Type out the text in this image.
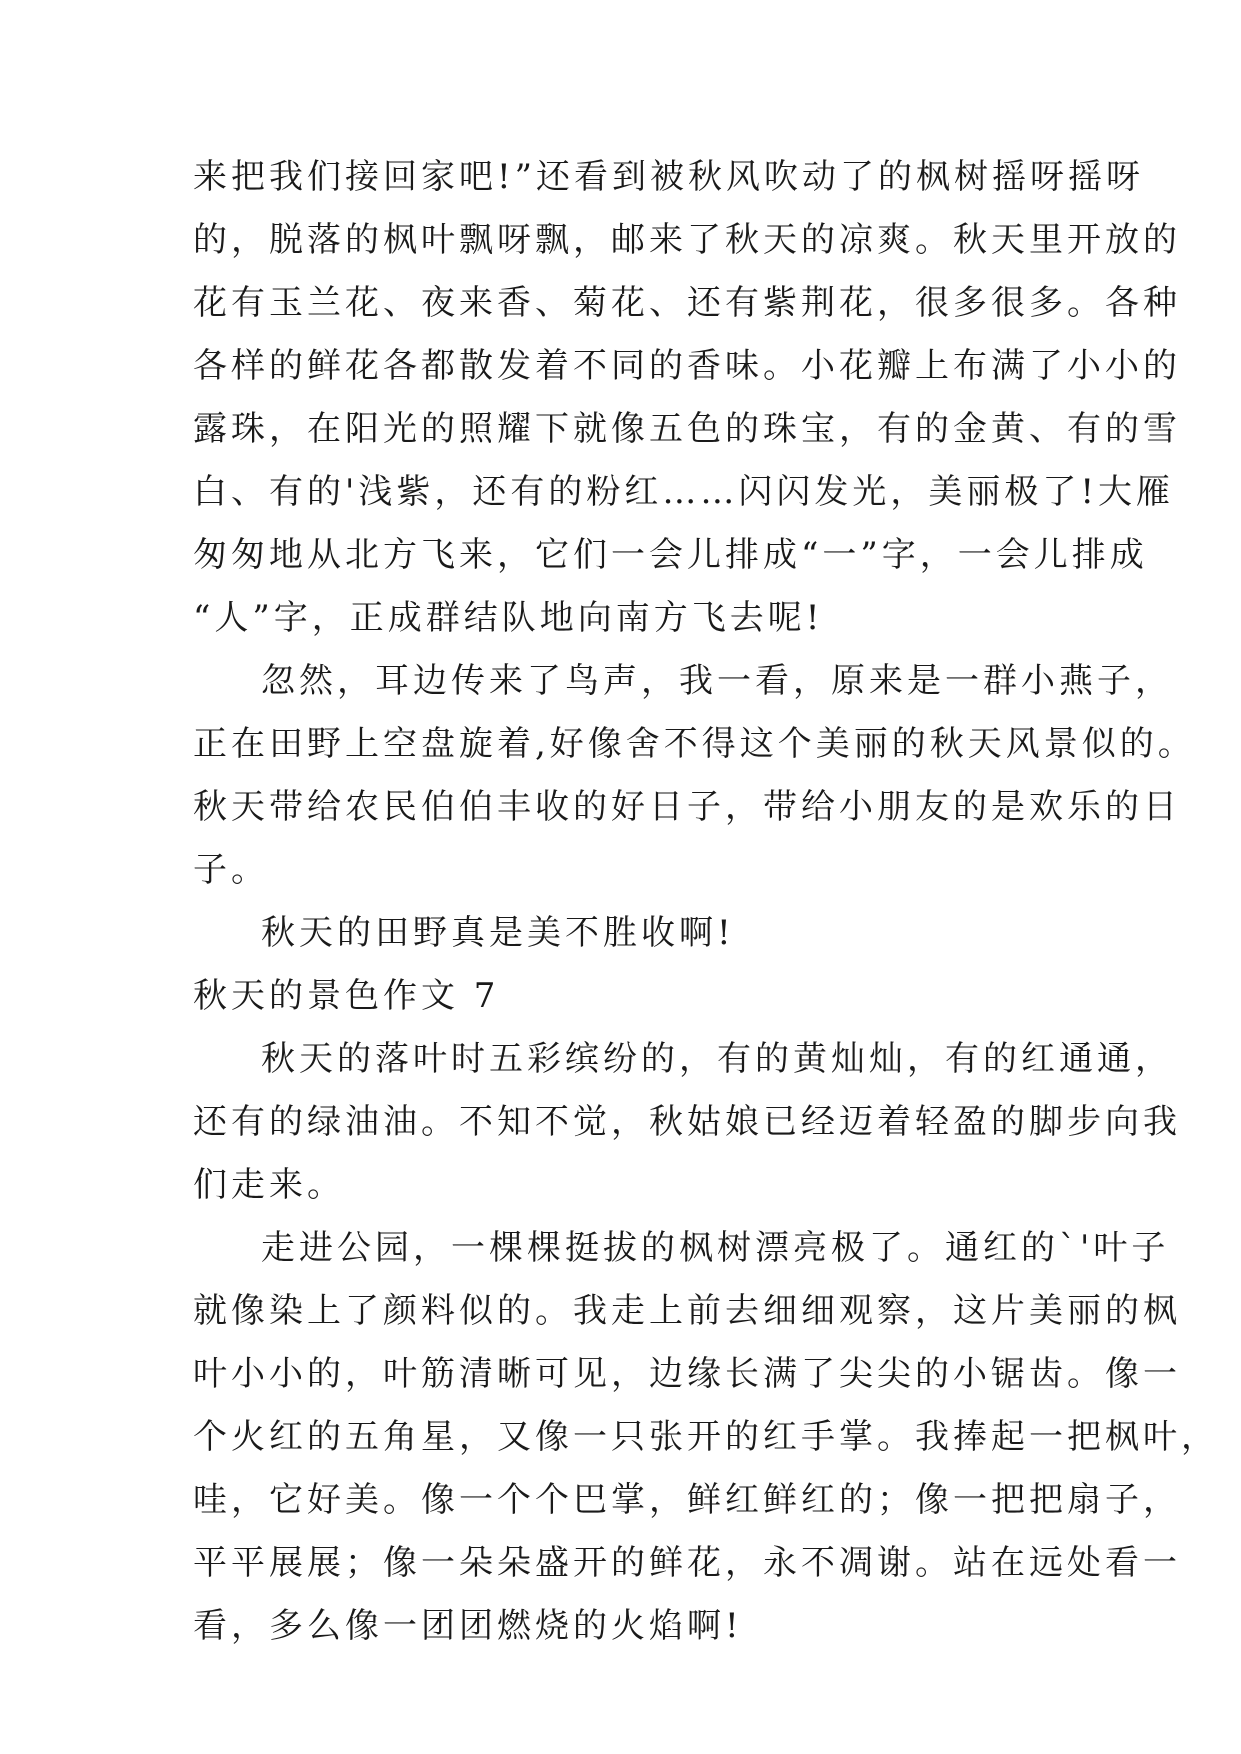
来把我们接回家吧!”还看到被秋风吹动了的枫树摇呀摇呀
的，脱落的枫叶飘呀飘，邮来了秋天的凉爽。秋天里开放的
花有玉兰花、夜来香、菊花、还有紫荆花，很多很多。各种
各样的鲜花各都散发着不同的香味。小花瓣上布满了小小的
露珠，在阳光的照耀下就像五色的珠宝，有的金黄、有的雪
白、有的'浅紫，还有的粉红……闪闪发光，美丽极了!大雁
匆匆地从北方飞来，它们一会儿排成“一”字，一会儿排成
“人”字，正成群结队地向南方飞去呢!
忽然，耳边传来了鸟声，我一看，原来是一群小燕子，
正在田野上空盘旋着,好像舍不得这个美丽的秋天风景似的。
秋天带给农民伯伯丰收的好日子，带给小朋友的是欢乐的日
子。
秋天的田野真是美不胜收啊!
秋天的景色作文 7
秋天的落叶时五彩缤纷的，有的黄灿灿，有的红通通，
还有的绿油油。不知不觉，秋姑娘已经迈着轻盈的脚步向我
们走来。
走进公园，一棵棵挺拔的枫树漂亮极了。通红的`'叶子
就像染上了颜料似的。我走上前去细细观察，这片美丽的枫
叶小小的，叶筋清晰可见，边缘长满了尖尖的小锯齿。像一
个火红的五角星，又像一只张开的红手掌。我捧起一把枫叶，
哇，它好美。像一个个巴掌，鲜红鲜红的；像一把把扇子，
平平展展；像一朵朵盛开的鲜花，永不凋谢。站在远处看一
看，多么像一团团燃烧的火焰啊!
